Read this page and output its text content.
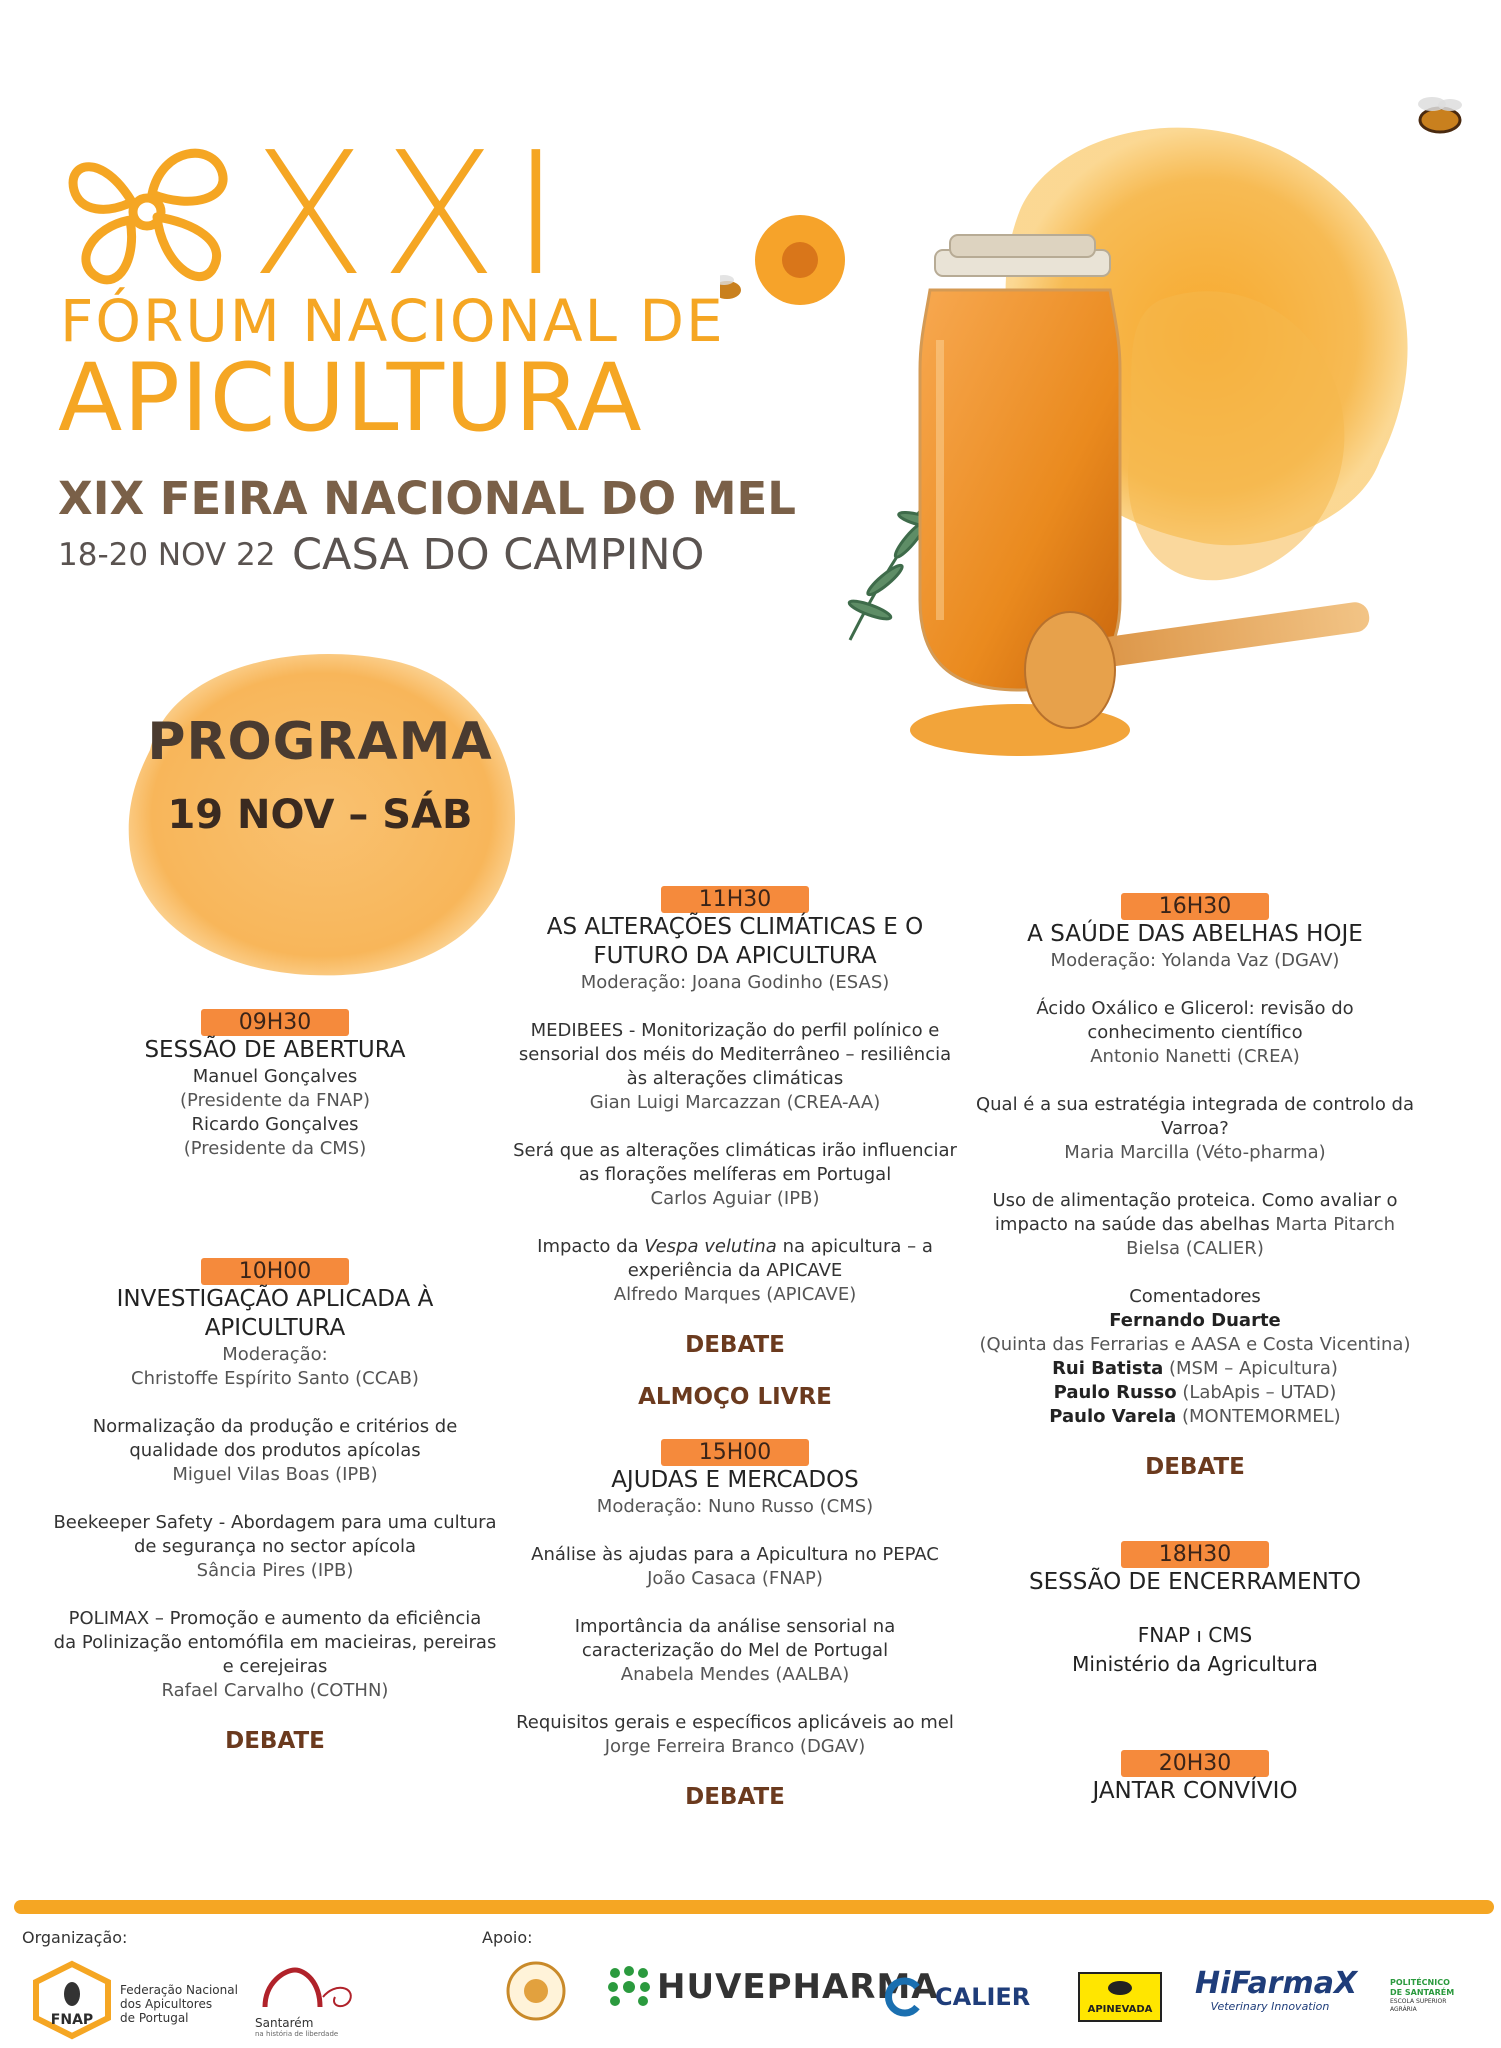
XXI
FÓRUM NACIONAL DE
APICULTURA
XIX FEIRA NACIONAL DO MEL
18-20 NOV 22 CASA DO CAMPINO
PROGRAMA
19 NOV – SÁB
09H30
SESSÃO DE ABERTURA
Manuel Gonçalves
(Presidente da FNAP)
Ricardo Gonçalves
(Presidente da CMS)
10H00
INVESTIGAÇÃO APLICADA À
APICULTURA
Moderação:
Christoffe Espírito Santo (CCAB)
Normalização da produção e critérios de
qualidade dos produtos apícolas
Miguel Vilas Boas (IPB)
Beekeeper Safety - Abordagem para uma cultura
de segurança no sector apícola
Sância Pires (IPB)
POLIMAX – Promoção e aumento da eficiência
da Polinização entomófila em macieiras, pereiras
e cerejeiras
Rafael Carvalho (COTHN)
DEBATE
11H30
AS ALTERAÇÕES CLIMÁTICAS E O
FUTURO DA APICULTURA
Moderação: Joana Godinho (ESAS)
MEDIBEES - Monitorização do perfil polínico e
sensorial dos méis do Mediterrâneo – resiliência
às alterações climáticas
Gian Luigi Marcazzan (CREA-AA)
Será que as alterações climáticas irão influenciar
as florações melíferas em Portugal
Carlos Aguiar (IPB)
Impacto da Vespa velutina na apicultura – a
experiência da APICAVE
Alfredo Marques (APICAVE)
DEBATE
ALMOÇO LIVRE
15H00
AJUDAS E MERCADOS
Moderação: Nuno Russo (CMS)
Análise às ajudas para a Apicultura no PEPAC
João Casaca (FNAP)
Importância da análise sensorial na
caracterização do Mel de Portugal
Anabela Mendes (AALBA)
Requisitos gerais e específicos aplicáveis ao mel
Jorge Ferreira Branco (DGAV)
DEBATE
16H30
A SAÚDE DAS ABELHAS HOJE
Moderação: Yolanda Vaz (DGAV)
Ácido Oxálico e Glicerol: revisão do
conhecimento científico
Antonio Nanetti (CREA)
Qual é a sua estratégia integrada de controlo da
Varroa?
Maria Marcilla (Véto-pharma)
Uso de alimentação proteica. Como avaliar o
impacto na saúde das abelhas Marta Pitarch
Bielsa (CALIER)
Comentadores
Fernando Duarte
(Quinta das Ferrarias e AASA e Costa Vicentina)
Rui Batista (MSM – Apicultura)
Paulo Russo (LabApis – UTAD)
Paulo Varela (MONTEMORMEL)
DEBATE
18H30
SESSÃO DE ENCERRAMENTO
FNAP ı CMS
Ministério da Agricultura
20H30
JANTAR CONVÍVIO
Organização:	Apoio:
FNAP
Federação Nacional
dos Apicultores
de Portugal	Santarém
na história de liberdade
HUVEPHARMA
CALIER	APINEVADA
HiFarmaX
Veterinary Innovation
POLITÉCNICO
DE SANTARÉM
ESCOLA SUPERIOR
AGRÁRIA
